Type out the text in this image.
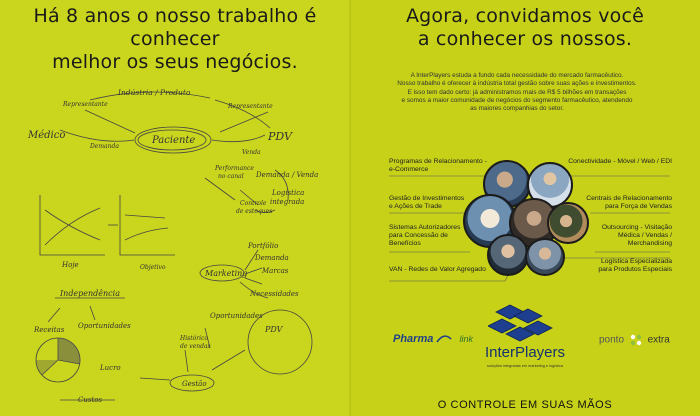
Há 8 anos o nosso trabalho é conhecer
melhor os seus negócios.
Indústria / Produto
Representante	Representante
Médico	Paciente	PDV
Demanda
Venda
Performance
no canal Demanda / Venda
Controle
de estoques
Logística
integrada
Hoje	Objetivo
Portfólio
Demanda
Marcas
Marketing
Necessidades
Independência
Oportunidades
Oportunidades
Receitas
Gestão
Custos
PDV
Lucro
Histórico
de vendas
Agora, convidamos você
a conhecer os nossos.

A InterPlayers estuda a fundo cada necessidade do mercado farmacêutico.

Nosso trabalho é oferecer à indústria total gestão sobre suas ações e investimentos.

E isso tem dado certo: já administramos mais de R$ 5 bilhões em transações

e somos a maior comunidade de negócios do segmento farmacêutico, atendendo

as maiores companhias do setor.

Programas de Relacionamento -
e-Commerce
Gestão de Investimentos
e Ações de Trade
Sistemas Autorizadores
para Concessão de
Benefícios
VAN - Redes de Valor Agregado
Conectividade - Móvel / Web / EDI
Centrais de Relacionamento
para Força de Vendas
Outsourcing - Visitação
Médica / Vendas /
Merchandising
Logística Especializada
para Produtos Especiais
Pharma	link
InterPlayers
soluções integradas em marketing e logística
ponto extra
O CONTROLE EM SUAS MÃOS
